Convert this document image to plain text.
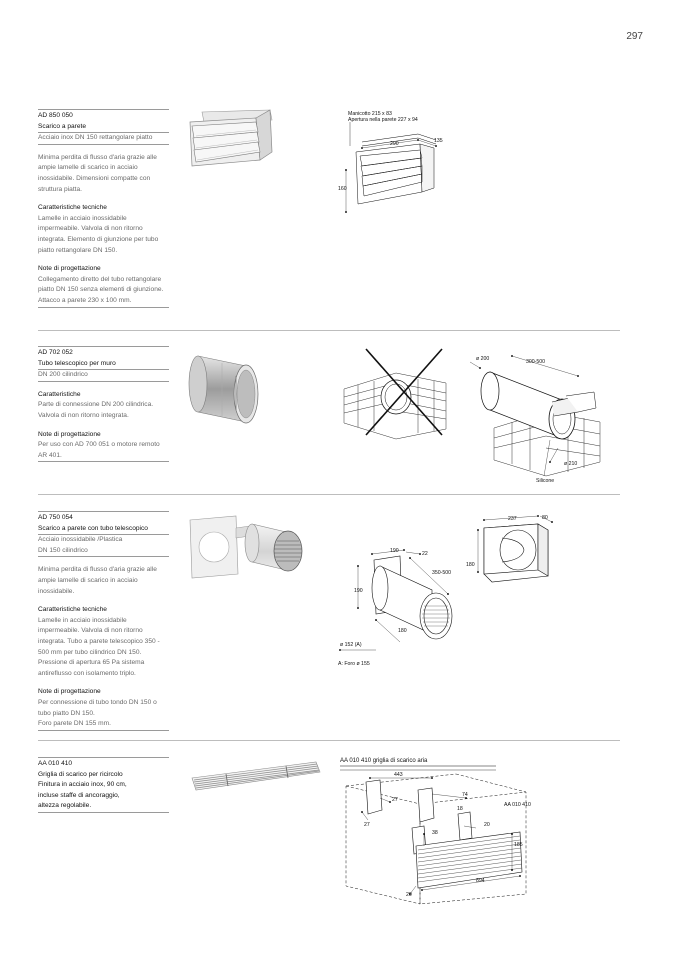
297
AD 850 050
Scarico a parete
Acciaio inox DN 150 rettangolare piatto
Minima perdita di flusso d'aria grazie alle ampie lamelle di scarico in acciaio inossidabile. Dimensioni compatte con struttura piatta.
Caratteristiche tecniche
Lamelle in acciaio inossidabile impermeabile. Valvola di non ritorno integrata. Elemento di giunzione per tubo piatto rettangolare DN 150.
Note di progettazione
Collegamento diretto del tubo rettangolare piatto DN 150 senza elementi di giunzione.
Attacco a parete 230 x 100 mm.
Manicotto 215 x 83
Apertura nella parete 227 x 94
290	135
160
AD 702 052
Tubo telescopico per muro
DN 200 cilindrico
Caratteristiche
Parte di connessione DN 200 cilindrica. Valvola di non ritorno integrata.
Note di progettazione
Per uso con AD 700 051 o motore remoto AR 401.
ø 200	300-500
ø 210
Silicone
AD 750 054
Scarico a parete con tubo telescopico
Acciaio inossidabile /Plastica
DN 150 cilindrico
Minima perdita di flusso d'aria grazie alle ampie lamelle di scarico in acciaio inossidabile.
Caratteristiche tecniche
Lamelle in acciaio inossidabile impermeabile. Valvola di non ritorno integrata. Tubo a parete telescopico 350 - 500 mm per tubo cilindrico DN 150. Pressione di apertura 65 Pa sistema antireflusso con isolamento triplo.
Note di progettazione
Per connessione di tubo tondo DN 150 o tubo piatto DN 150.
Foro parete DN 155 mm.
190	22
350-500
190
180
ø 152 (A)
A: Foro ø 155
237	80
180
AA 010 410
Griglia di scarico per ricircolo
Finitura in acciaio inox, 90 cm,
incluse staffe di ancoraggio,
altezza regolabile.
AA 010 410 griglia di scarico aria
443
74
27
27
18
38
20
185
894
20
AA 010 410
